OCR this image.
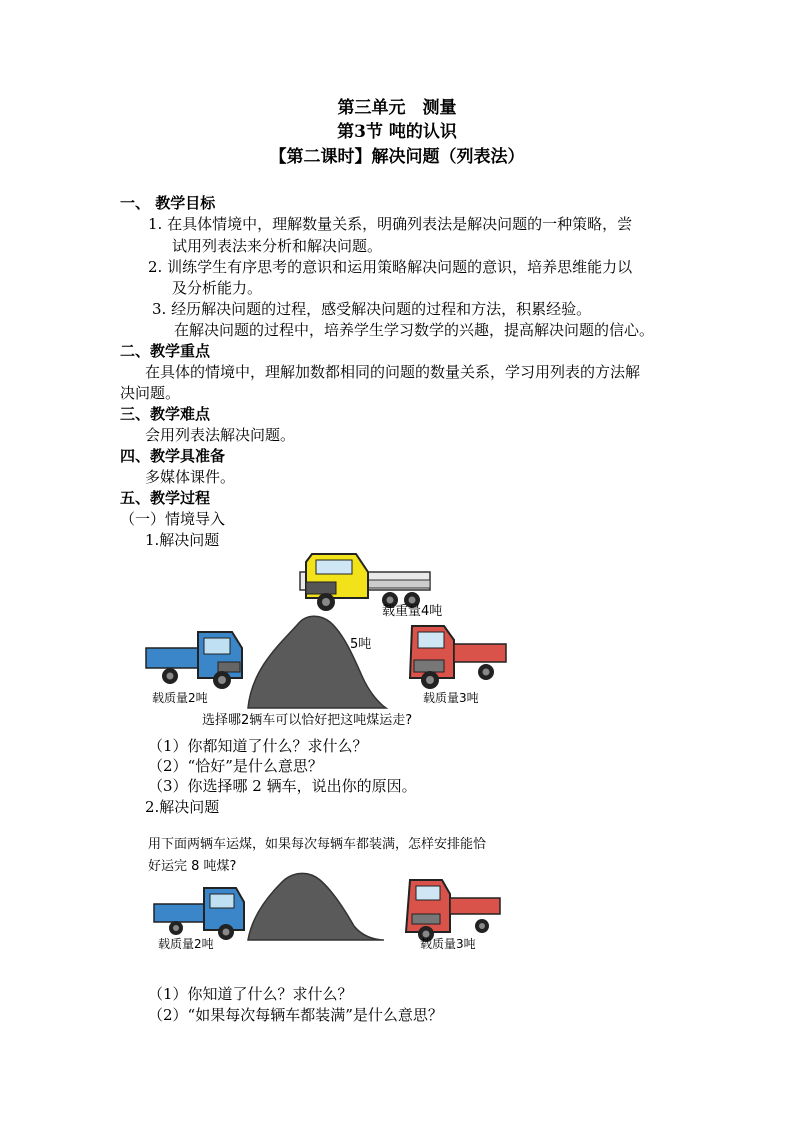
第三单元　测量
第3节 吨的认识
【第二课时】解决问题（列表法）
一、 教学目标
1. 在具体情境中，理解数量关系，明确列表法是解决问题的一种策略，尝
试用列表法来分析和解决问题。
2. 训练学生有序思考的意识和运用策略解决问题的意识，培养思维能力以
及分析能力。
3. 经历解决问题的过程，感受解决问题的过程和方法，积累经验。
在解决问题的过程中，培养学生学习数学的兴趣，提高解决问题的信心。
二、教学重点
在具体的情境中，理解加数都相同的问题的数量关系，学习用列表的方法解
决问题。
三、教学难点
会用列表法解决问题。
四、教学具准备
多媒体课件。
五、教学过程
（一）情境导入
1.解决问题
载重量4吨
载质量2吨
5吨
载质量3吨
选择哪2辆车可以恰好把这吨煤运走?
（1）你都知道了什么？求什么？
（2）“恰好”是什么意思？
（3）你选择哪 2 辆车，说出你的原因。
2.解决问题
用下面两辆车运煤，如果每次每辆车都装满，怎样安排能恰
好运完 8 吨煤?
载质量2吨	载质量3吨
（1）你知道了什么？求什么？
（2）“如果每次每辆车都装满”是什么意思？
